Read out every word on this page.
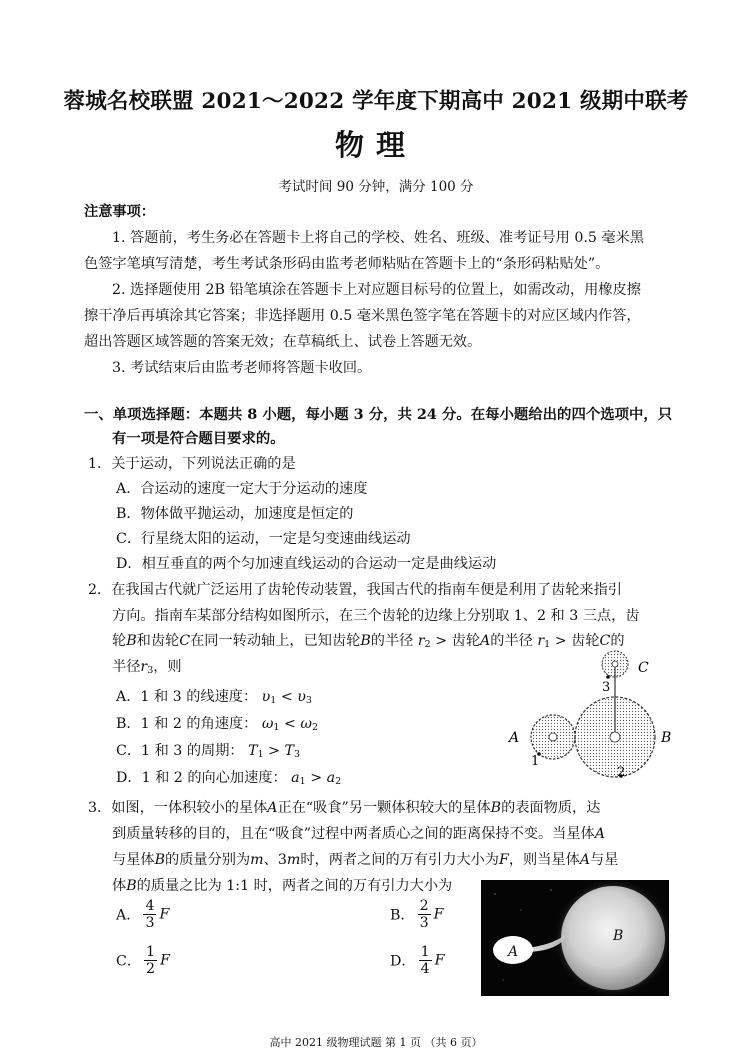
蓉城名校联盟 2021～2022 学年度下期高中 2021 级期中联考
物理
考试时间 90 分钟，满分 100 分
注意事项：
1. 答题前，考生务必在答题卡上将自己的学校、姓名、班级、准考证号用 0.5 毫米黑
色签字笔填写清楚，考生考试条形码由监考老师粘贴在答题卡上的“条形码粘贴处”。
2. 选择题使用 2B 铅笔填涂在答题卡上对应题目标号的位置上，如需改动，用橡皮擦
擦干净后再填涂其它答案；非选择题用 0.5 毫米黑色签字笔在答题卡的对应区域内作答，
超出答题区域答题的答案无效；在草稿纸上、试卷上答题无效。
3. 考试结束后由监考老师将答题卡收回。
一、单项选择题：本题共 8 小题，每小题 3 分，共 24 分。在每小题给出的四个选项中，只
有一项是符合题目要求的。
1．关于运动，下列说法正确的是
A．合运动的速度一定大于分运动的速度
B．物体做平抛运动，加速度是恒定的
C．行星绕太阳的运动，一定是匀变速曲线运动
D．相互垂直的两个匀加速直线运动的合运动一定是曲线运动
2．在我国古代就广泛运用了齿轮传动装置，我国古代的指南车便是利用了齿轮来指引
方向。指南车某部分结构如图所示，在三个齿轮的边缘上分别取 1、2 和 3 三点，齿
轮B和齿轮C在同一转动轴上，已知齿轮B的半径 $r_2$ > 齿轮A的半径 $r_1$ > 齿轮C的
半径$r_3$，则
A．1 和 3 的线速度： $\upsilon_1 < \upsilon_3$
B．1 和 2 的角速度： $\omega_1 < \omega_2$
C．1 和 3 的周期： $T_1 > T_3$
D．1 和 2 的向心加速度： $a_1 > a_2$
C
3
A
1
B
2
3．如图，一体积较小的星体A正在“吸食”另一颗体积较大的星体B的表面物质，达
到质量转移的目的，且在“吸食”过程中两者质心之间的距离保持不变。当星体A
与星体B的质量分别为m、3m时，两者之间的万有引力大小为F，则当星体A与星
体B的质量之比为 1:1 时，两者之间的万有引力大小为
A． $\frac{4}{3}$ F	B． $\frac{2}{3}$ F
C． $\frac{1}{2}$ F	D． $\frac{1}{4}$ F
A
B
高中 2021 级物理试题 第 1 页 （共 6 页）
